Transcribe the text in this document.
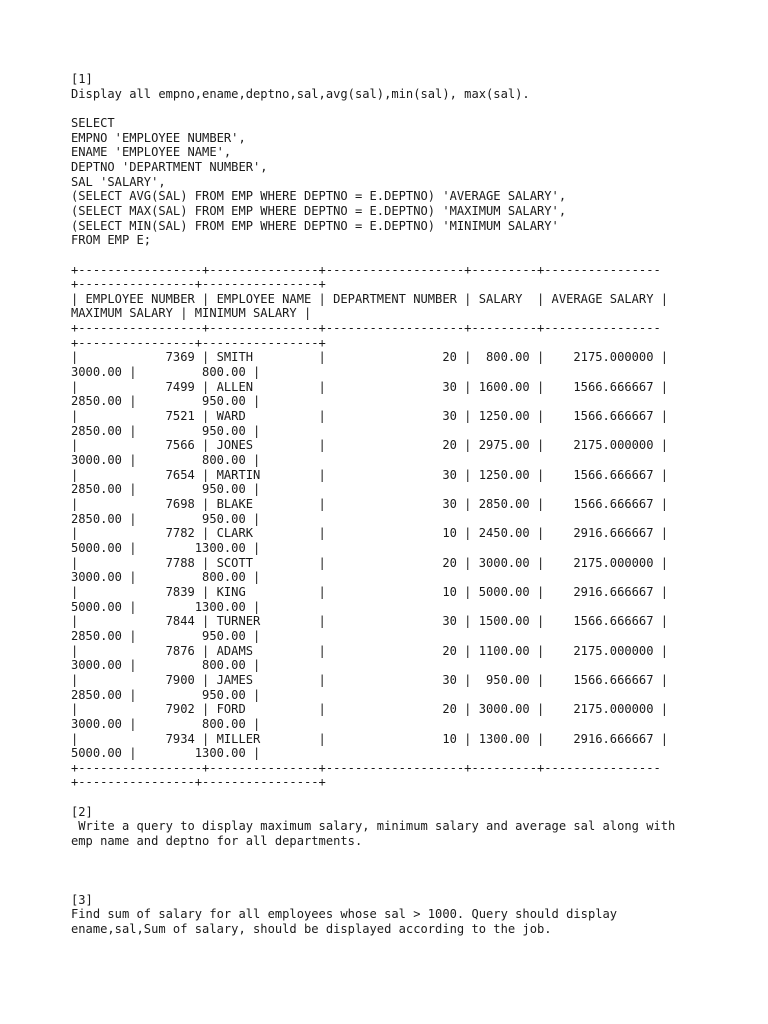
[1]
Display all empno,ename,deptno,sal,avg(sal),min(sal), max(sal).
SELECT
EMPNO 'EMPLOYEE NUMBER',
ENAME 'EMPLOYEE NAME',
DEPTNO 'DEPARTMENT NUMBER',
SAL 'SALARY',
(SELECT AVG(SAL) FROM EMP WHERE DEPTNO = E.DEPTNO) 'AVERAGE SALARY',
(SELECT MAX(SAL) FROM EMP WHERE DEPTNO = E.DEPTNO) 'MAXIMUM SALARY',
(SELECT MIN(SAL) FROM EMP WHERE DEPTNO = E.DEPTNO) 'MINIMUM SALARY'
FROM EMP E;
+-----------------+---------------+-------------------+---------+----------------
+----------------+----------------+
| EMPLOYEE NUMBER | EMPLOYEE NAME | DEPARTMENT NUMBER | SALARY  | AVERAGE SALARY |
MAXIMUM SALARY | MINIMUM SALARY |
+-----------------+---------------+-------------------+---------+----------------
+----------------+----------------+
|            7369 | SMITH         |                20 |  800.00 |    2175.000000 |
3000.00 |         800.00 |
|            7499 | ALLEN         |                30 | 1600.00 |    1566.666667 |
2850.00 |         950.00 |
|            7521 | WARD          |                30 | 1250.00 |    1566.666667 |
2850.00 |         950.00 |
|            7566 | JONES         |                20 | 2975.00 |    2175.000000 |
3000.00 |         800.00 |
|            7654 | MARTIN        |                30 | 1250.00 |    1566.666667 |
2850.00 |         950.00 |
|            7698 | BLAKE         |                30 | 2850.00 |    1566.666667 |
2850.00 |         950.00 |
|            7782 | CLARK         |                10 | 2450.00 |    2916.666667 |
5000.00 |        1300.00 |
|            7788 | SCOTT         |                20 | 3000.00 |    2175.000000 |
3000.00 |         800.00 |
|            7839 | KING          |                10 | 5000.00 |    2916.666667 |
5000.00 |        1300.00 |
|            7844 | TURNER        |                30 | 1500.00 |    1566.666667 |
2850.00 |         950.00 |
|            7876 | ADAMS         |                20 | 1100.00 |    2175.000000 |
3000.00 |         800.00 |
|            7900 | JAMES         |                30 |  950.00 |    1566.666667 |
2850.00 |         950.00 |
|            7902 | FORD          |                20 | 3000.00 |    2175.000000 |
3000.00 |         800.00 |
|            7934 | MILLER        |                10 | 1300.00 |    2916.666667 |
5000.00 |        1300.00 |
+-----------------+---------------+-------------------+---------+----------------
+----------------+----------------+
[2]
Write a query to display maximum salary, minimum salary and average sal along with
emp name and deptno for all departments.
[3]
Find sum of salary for all employees whose sal > 1000. Query should display
ename,sal,Sum of salary, should be displayed according to the job.
